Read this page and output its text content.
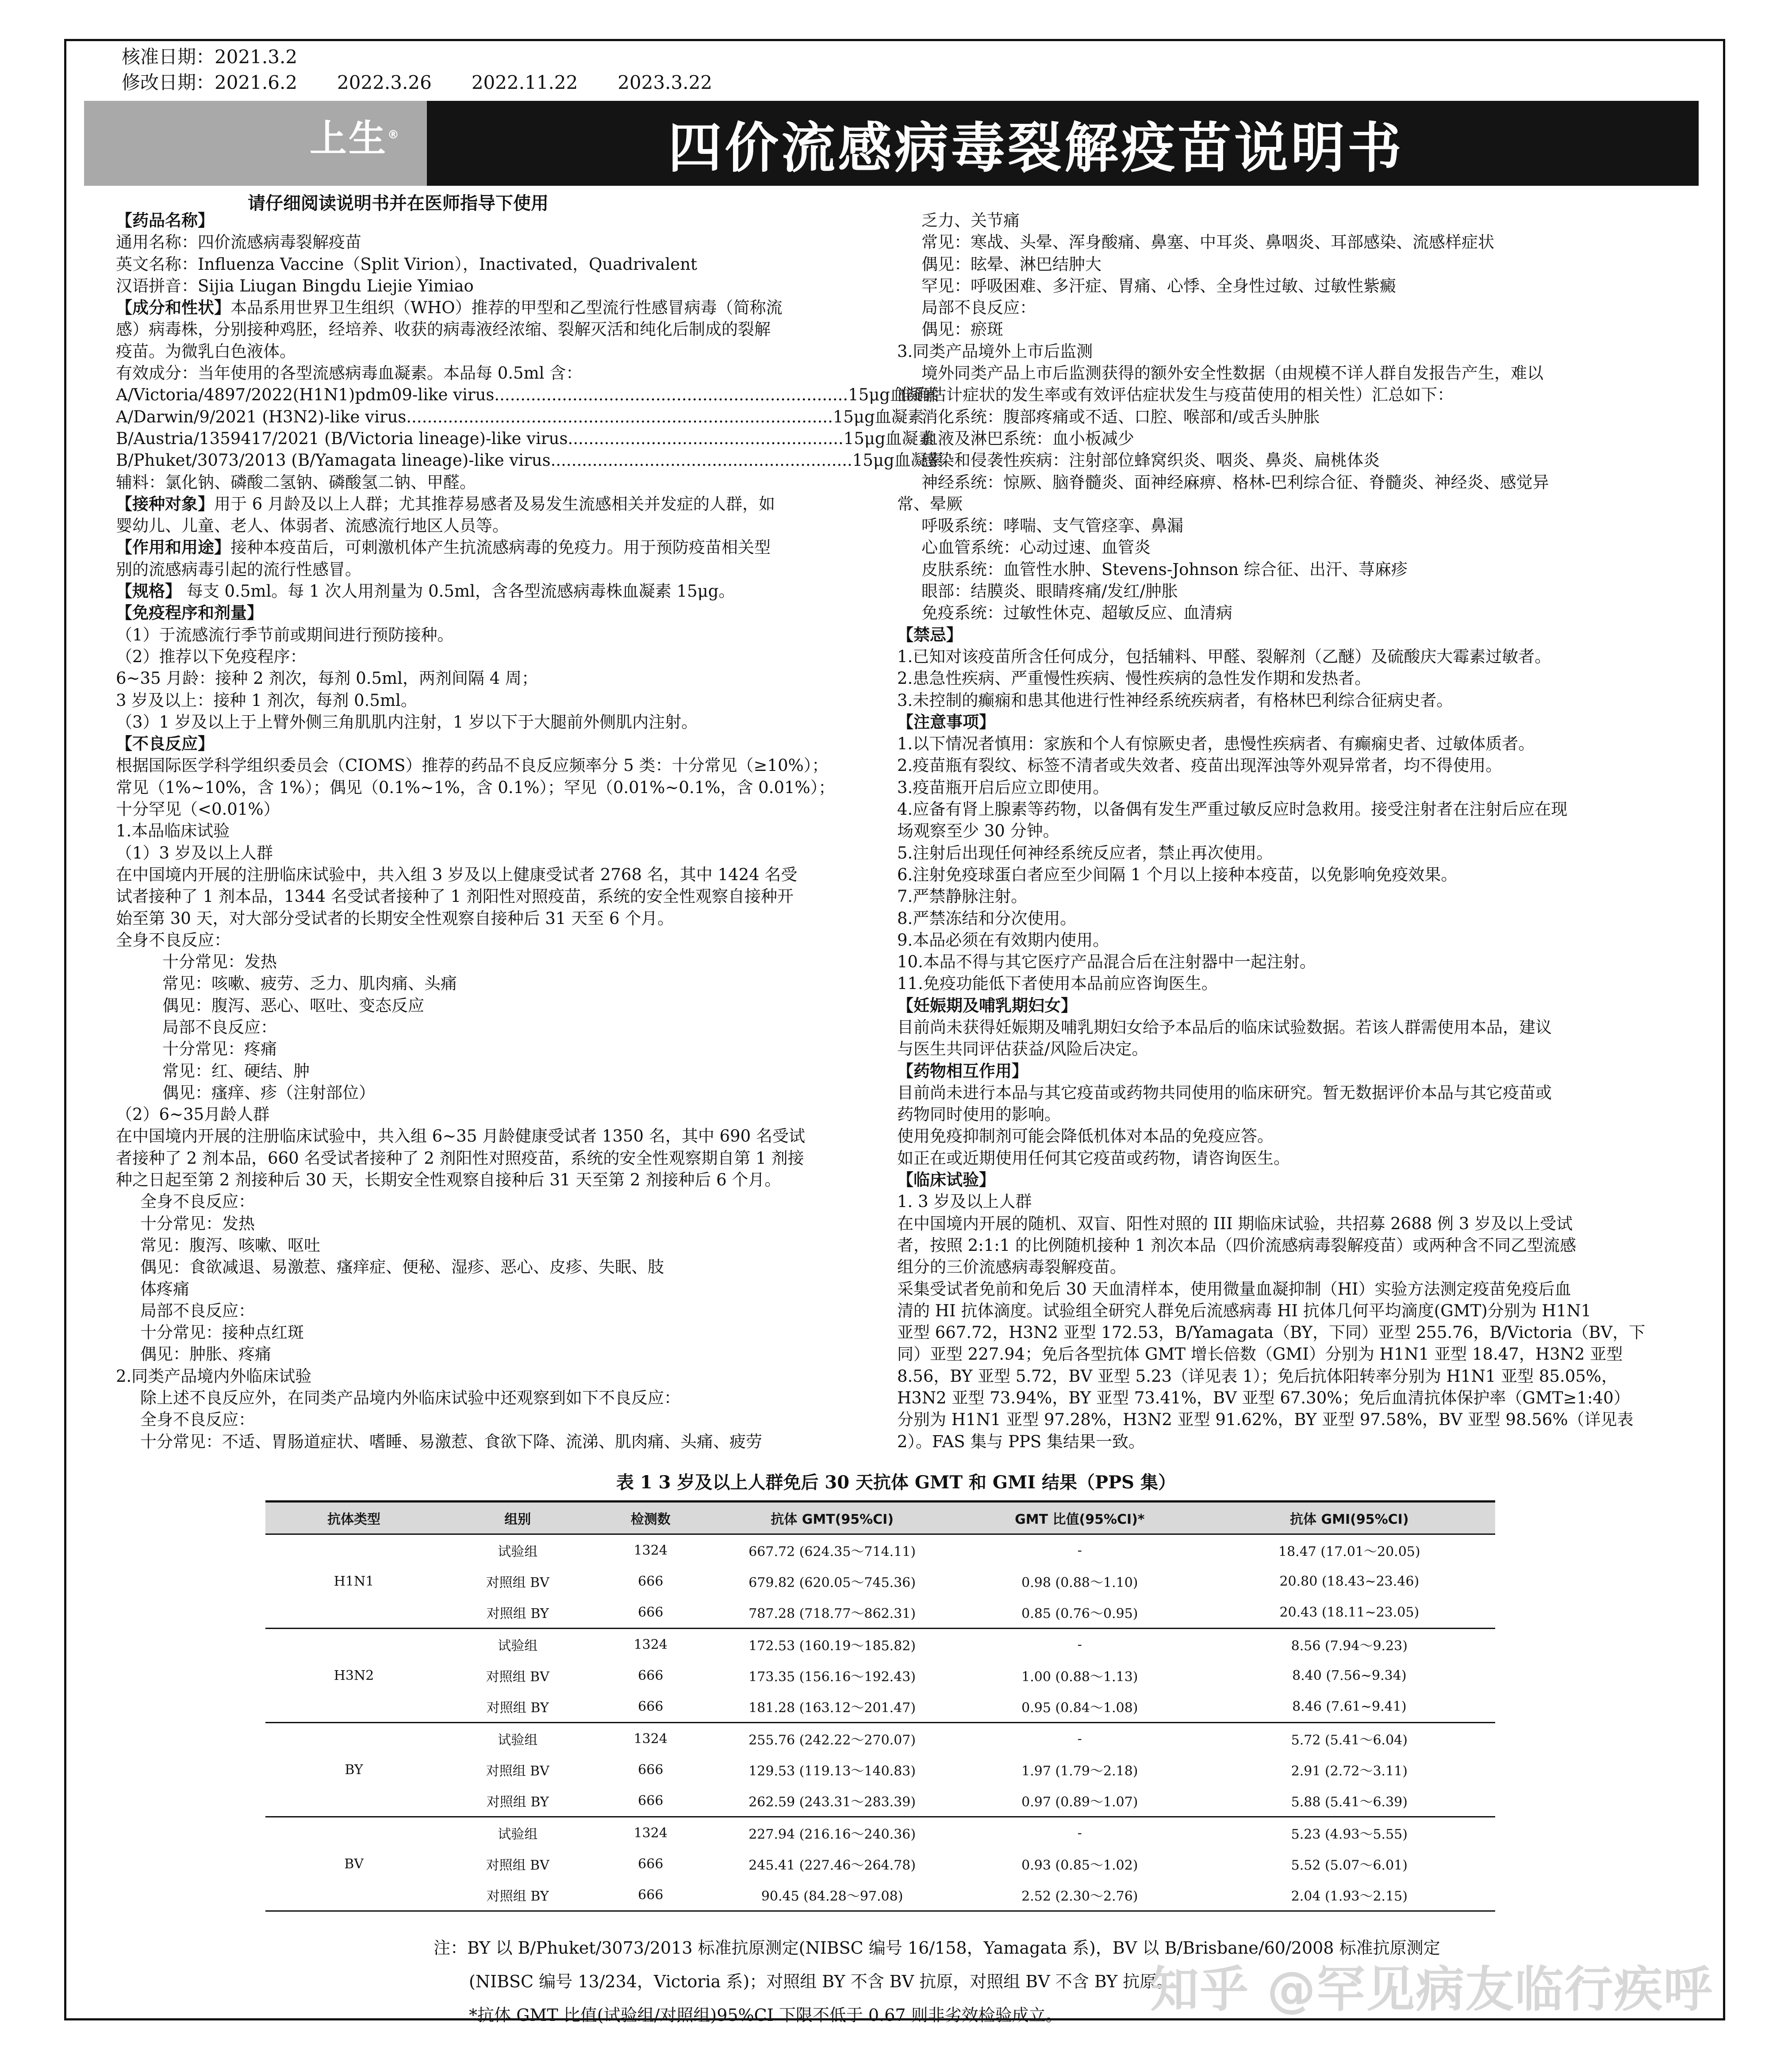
核准日期：2021.3.2
修改日期：2021.6.2 2022.3.26 2022.11.22 2023.3.22
上生®	四价流感病毒裂解疫苗说明书
请仔细阅读说明书并在医师指导下使用
【 药品名称 】
通用名称：四价流感病毒裂解疫苗
英文名称：Influenza Vaccine（Split Virion），Inactivated，Quadrivalent
汉语拼音：Sijia Liugan Bingdu Liejie Yimiao
【 成分和性状 】 本品系用世界卫生组织（WHO）推荐的甲型和乙型流行性感冒病毒（简称流
感）病毒株，分别接种鸡胚，经培养、收获的病毒液经浓缩、裂解灭活和纯化后制成的裂解
疫苗。为微乳白色液体。
有效成分：当年使用的各型流感病毒血凝素。本品每 0.5ml 含：
A/Victoria/4897/2022(H1N1)pdm09-like virus....................................................................15μg血凝素
A/Darwin/9/2021 (H3N2)-like virus..................................................................................15μg血凝素
B/Austria/1359417/2021 (B/Victoria lineage)-like virus.....................................................15μg血凝素
B/Phuket/3073/2013 (B/Yamagata lineage)-like virus..........................................................15μg血凝素
辅料：氯化钠、磷酸二氢钠、磷酸氢二钠、甲醛。
【 接种对象 】 用于 6 月龄及以上人群；尤其推荐易感者及易发生流感相关并发症的人群，如
婴幼儿、儿童、老人、体弱者、流感流行地区人员等。
【 作用和用途 】 接种本疫苗后，可刺激机体产生抗流感病毒的免疫力。用于预防疫苗相关型
别的流感病毒引起的流行性感冒。
【 规格 】 每支 0.5ml。每 1 次人用剂量为 0.5ml，含各型流感病毒株血凝素 15μg。
【 免疫程序和剂量 】
（1）于流感流行季节前或期间进行预防接种。
（2）推荐以下免疫程序：
6~35 月龄：接种 2 剂次，每剂 0.5ml，两剂间隔 4 周；
3 岁及以上：接种 1 剂次，每剂 0.5ml。
（3）1 岁及以上于上臂外侧三角肌肌内注射，1 岁以下于大腿前外侧肌内注射。
【 不良反应 】
根据国际医学科学组织委员会（CIOMS）推荐的药品不良反应频率分 5 类：十分常见（≥10%）；
常见（1%~10%，含 1%）；偶见（0.1%~1%，含 0.1%）；罕见（0.01%~0.1%，含 0.01%）；
十分罕见（<0.01%）
1.本品临床试验
（1）3 岁及以上人群
在中国境内开展的注册临床试验中，共入组 3 岁及以上健康受试者 2768 名，其中 1424 名受
试者接种了 1 剂本品，1344 名受试者接种了 1 剂阳性对照疫苗，系统的安全性观察自接种开
始至第 30 天，对大部分受试者的长期安全性观察自接种后 31 天至 6 个月。
全身不良反应：
十分常见：发热
常见：咳嗽、疲劳、乏力、肌肉痛、头痛
偶见：腹泻、恶心、呕吐、变态反应
局部不良反应：
十分常见：疼痛
常见：红、硬结、肿
偶见：瘙痒、疹（注射部位）
（2）6~35月龄人群
在中国境内开展的注册临床试验中，共入组 6~35 月龄健康受试者 1350 名，其中 690 名受试
者接种了 2 剂本品，660 名受试者接种了 2 剂阳性对照疫苗，系统的安全性观察期自第 1 剂接
种之日起至第 2 剂接种后 30 天，长期安全性观察自接种后 31 天至第 2 剂接种后 6 个月。
全身不良反应：
十分常见：发热
常见：腹泻、咳嗽、呕吐
偶见：食欲减退、易激惹、瘙痒症、便秘、湿疹、恶心、皮疹、失眠、肢
体疼痛
局部不良反应：
十分常见：接种点红斑
偶见：肿胀、疼痛
2.同类产品境内外临床试验
除上述不良反应外，在同类产品境内外临床试验中还观察到如下不良反应：
全身不良反应：
十分常见：不适、胃肠道症状、嗜睡、易激惹、食欲下降、流涕、肌肉痛、头痛、疲劳
乏力、关节痛
常见：寒战、头晕、浑身酸痛、鼻塞、中耳炎、鼻咽炎、耳部感染、流感样症状
偶见：眩晕、淋巴结肿大
罕见：呼吸困难、多汗症、胃痛、心悸、全身性过敏、过敏性紫癜
局部不良反应：
偶见：瘀斑
3.同类产品境外上市后监测
境外同类产品上市后监测获得的额外安全性数据（由规模不详人群自发报告产生，难以
准确估计症状的发生率或有效评估症状发生与疫苗使用的相关性）汇总如下：
消化系统：腹部疼痛或不适、口腔、喉部和/或舌头肿胀
血液及淋巴系统：血小板减少
感染和侵袭性疾病：注射部位蜂窝织炎、咽炎、鼻炎、扁桃体炎
神经系统：惊厥、脑脊髓炎、面神经麻痹、格林-巴利综合征、脊髓炎、神经炎、感觉异
常、晕厥
呼吸系统：哮喘、支气管痉挛、鼻漏
心血管系统：心动过速、血管炎
皮肤系统：血管性水肿、Stevens-Johnson 综合征、出汗、荨麻疹
眼部：结膜炎、眼睛疼痛/发红/肿胀
免疫系统：过敏性休克、超敏反应、血清病
【 禁忌 】
1.已知对该疫苗所含任何成分，包括辅料、甲醛、裂解剂（乙醚）及硫酸庆大霉素过敏者。
2.患急性疾病、严重慢性疾病、慢性疾病的急性发作期和发热者。
3.未控制的癫痫和患其他进行性神经系统疾病者，有格林巴利综合征病史者。
【 注意事项 】
1.以下情况者慎用：家族和个人有惊厥史者，患慢性疾病者、有癫痫史者、过敏体质者。
2.疫苗瓶有裂纹、标签不清者或失效者、疫苗出现浑浊等外观异常者，均不得使用。
3.疫苗瓶开启后应立即使用。
4.应备有肾上腺素等药物，以备偶有发生严重过敏反应时急救用。接受注射者在注射后应在现
场观察至少 30 分钟。
5.注射后出现任何神经系统反应者，禁止再次使用。
6.注射免疫球蛋白者应至少间隔 1 个月以上接种本疫苗，以免影响免疫效果。
7.严禁静脉注射。
8.严禁冻结和分次使用。
9.本品必须在有效期内使用。
10.本品不得与其它医疗产品混合后在注射器中一起注射。
11.免疫功能低下者使用本品前应咨询医生。
【 妊娠期及哺乳期妇女 】
目前尚未获得妊娠期及哺乳期妇女给予本品后的临床试验数据。若该人群需使用本品，建议
与医生共同评估获益/风险后决定。
【 药物相互作用 】
目前尚未进行本品与其它疫苗或药物共同使用的临床研究。暂无数据评价本品与其它疫苗或
药物同时使用的影响。
使用免疫抑制剂可能会降低机体对本品的免疫应答。
如正在或近期使用任何其它疫苗或药物，请咨询医生。
【 临床试验 】
1. 3 岁及以上人群
在中国境内开展的随机、双盲、阳性对照的 III 期临床试验，共招募 2688 例 3 岁及以上受试
者，按照 2:1:1 的比例随机接种 1 剂次本品（四价流感病毒裂解疫苗）或两种含不同乙型流感
组分的三价流感病毒裂解疫苗。
采集受试者免前和免后 30 天血清样本，使用微量血凝抑制（HI）实验方法测定疫苗免疫后血
清的 HI 抗体滴度。试验组全研究人群免后流感病毒 HI 抗体几何平均滴度(GMT)分别为 H1N1
亚型 667.72，H3N2 亚型 172.53，B/Yamagata（BY，下同）亚型 255.76，B/Victoria（BV，下
同）亚型 227.94；免后各型抗体 GMT 增长倍数（GMI）分别为 H1N1 亚型 18.47，H3N2 亚型
8.56，BY 亚型 5.72，BV 亚型 5.23（详见表 1）；免后抗体阳转率分别为 H1N1 亚型 85.05%，
H3N2 亚型 73.94%，BY 亚型 73.41%，BV 亚型 67.30%；免后血清抗体保护率（GMT≥1:40）
分别为 H1N1 亚型 97.28%，H3N2 亚型 91.62%，BY 亚型 97.58%，BV 亚型 98.56%（详见表
2）。FAS 集与 PPS 集结果一致。
表 1 3 岁及以上人群免后 30 天抗体 GMT 和 GMI 结果（PPS 集）
抗体类型	组别	检测数	抗体 GMT(95%CI)	GMT 比值(95%CI)*	抗体 GMI(95%CI)
H1N1	试验组	1324	667.72 (624.35～714.11)	-	18.47 (17.01～20.05)
	对照组 BV	666	679.82 (620.05～745.36)	0.98 (0.88～1.10)	20.80 (18.43~23.46)
	对照组 BY	666	787.28 (718.77～862.31)	0.85 (0.76～0.95)	20.43 (18.11~23.05)
H3N2	试验组	1324	172.53 (160.19～185.82)	-	8.56 (7.94～9.23)
	对照组 BV	666	173.35 (156.16～192.43)	1.00 (0.88～1.13)	8.40 (7.56~9.34)
	对照组 BY	666	181.28 (163.12～201.47)	0.95 (0.84～1.08)	8.46 (7.61~9.41)
BY	试验组	1324	255.76 (242.22～270.07)	-	5.72 (5.41～6.04)
	对照组 BV	666	129.53 (119.13～140.83)	1.97 (1.79～2.18)	2.91 (2.72～3.11)
	对照组 BY	666	262.59 (243.31～283.39)	0.97 (0.89～1.07)	5.88 (5.41～6.39)
BV	试验组	1324	227.94 (216.16～240.36)	-	5.23 (4.93～5.55)
	对照组 BV	666	245.41 (227.46～264.78)	0.93 (0.85～1.02)	5.52 (5.07～6.01)
	对照组 BY	666	90.45 (84.28～97.08)	2.52 (2.30～2.76)	2.04 (1.93～2.15)
注：BY 以 B/Phuket/3073/2013 标准抗原测定(NIBSC 编号 16/158，Yamagata 系)，BV 以 B/Brisbane/60/2008 标准抗原测定
(NIBSC 编号 13/234，Victoria 系)；对照组 BY 不含 BV 抗原，对照组 BV 不含 BY 抗原。
*抗体 GMT 比值(试验组/对照组)95%CI 下限不低于 0.67 则非劣效检验成立。	知乎 @罕见病友临行疾呼
